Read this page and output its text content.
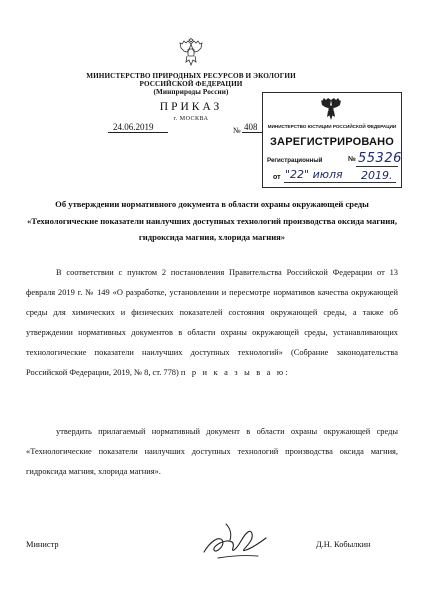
МИНИСТЕРСТВО ПРИРОДНЫХ РЕСУРСОВ И ЭКОЛОГИИ
РОССИЙСКОЙ ФЕДЕРАЦИИ
(Минприроды России)
ПРИКАЗ
г. МОСКВА
24.06.2019	№ 408	МИНИСТЕРСТВО ЮСТИЦИИ РОССИЙСКОЙ ФЕДЕРАЦИИ
ЗАРЕГИСТРИРОВАНО
Регистрационный	№ 55326
от "22" июля 2019.
Об утверждении нормативного документа в области охраны окружающей среды «Технологические показатели наилучших доступных технологий производства оксида магния, гидроксида магния, хлорида магния»
В соответствии с пунктом 2 постановления Правительства Российской Федерации от 13 февраля 2019 г. № 149 «О разработке, установлении и пересмотре нормативов качества окружающей среды для химических и физических показателей состояния окружающей среды, а также об утверждении нормативных документов в области охраны окружающей среды, устанавливающих технологические показатели наилучших доступных технологий» (Собрание законодательства Российской Федерации, 2019, № 8, ст. 778) п р и к а з ы в а ю:
утвердить прилагаемый нормативный документ в области охраны окружающей среды «Технологические показатели наилучших доступных технологий производства оксида магния, гидроксида магния, хлорида магния».
Министр	Д.Н. Кобылкин
